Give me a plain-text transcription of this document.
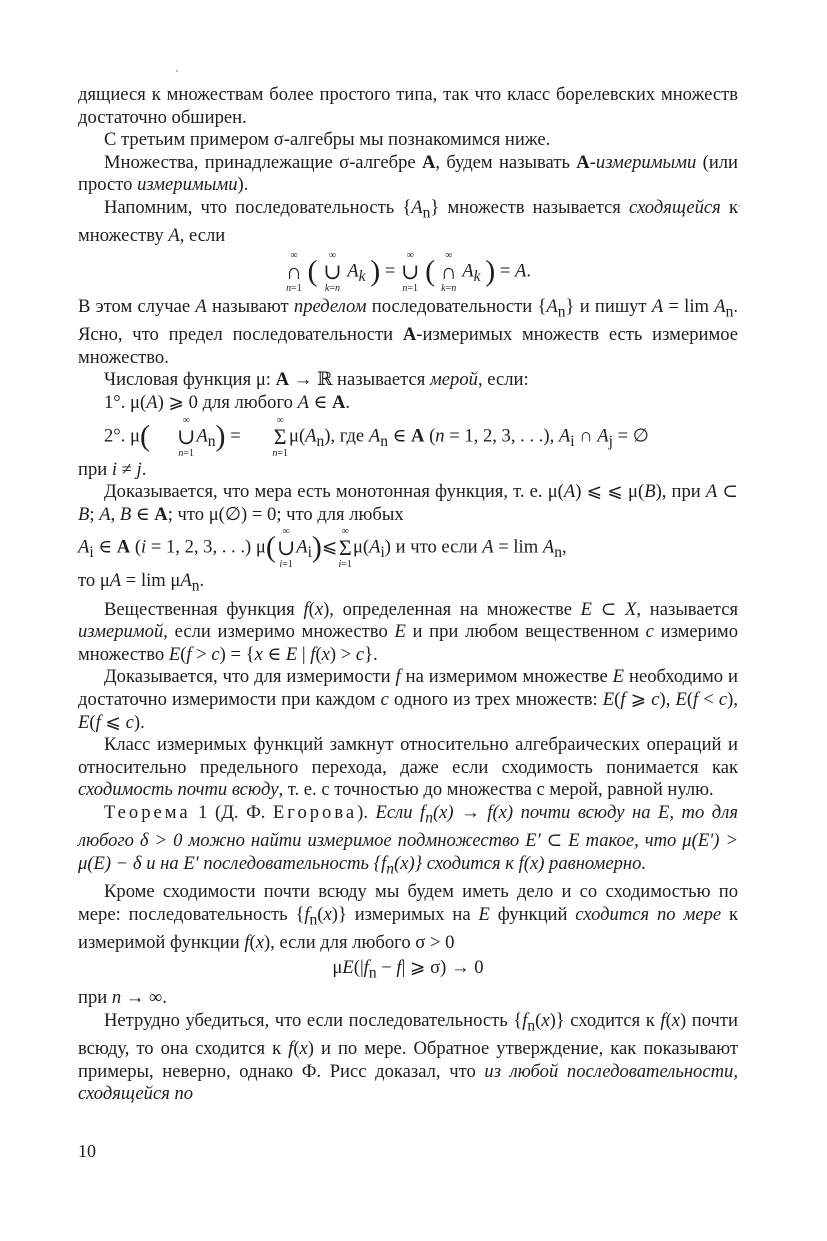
дящиеся к множествам более простого типа, так что класс борелевских множеств достаточно обширен.

С третьим примером σ-алгебры мы познакомимся ниже.

Множества, принадлежащие σ-алгебре A, будем называть A-измеримыми (или просто измеримыми).

Напомним, что последовательность $\{A_n\}$ множеств называется сходящейся к множеству A, если

∞
∩
n=1
(	∞
∪
k=n
$A_k$ ) =
∞
∪
n=1
(	∞
∩
k=n
$A_k$ ) = A.

В этом случае A называют пределом последовательности $\{A_n\}$ и пишут $A = \lim A_n$. Ясно, что предел последовательности A-измеримых множеств есть измеримое множество.

Числовая функция μ: A → ℝ называется мерой, если:

1°. μ(A) ⩾ 0 для любого A ∈ A.

2°. μ(	∞
∪
n=1
$A_n$) =
∞
Σ
n=1
$\mu(A_n)$, где $A_n$ ∈ A (n = 1, 2, 3, . . .), $A_i$ ∩ $A_j$ = ∅

при i ≠ j.

Доказывается, что мера есть монотонная функция, т. е. μ(A) ⩽ ⩽ μ(B), при A ⊂ B; A, B ∈ A; что μ(∅) = 0; что для любых

$A_i$ ∈ A (i = 1, 2, 3, . . .) μ( ∞
∪
i=1
$A_i)⩽$
∞
Σ
i=1
$\mu(A_i)$ и что если $A = \lim A_n$,

то $\mu A = \lim \mu A_n$.

Вещественная функция f(x), определенная на множестве E ⊂ X, называется измеримой, если измеримо множество E и при любом вещественном c измеримо множество E(f > c) = {x ∈ E | f(x) > c}.

Доказывается, что для измеримости f на измеримом множестве E необходимо и достаточно измеримости при каждом c одного из трех множеств: E(f ⩾ c), E(f < c), E(f ⩽ c).

Класс измеримых функций замкнут относительно алгебраических операций и относительно предельного перехода, даже если сходимость понимается как сходимость почти всюду, т. е. с точностью до множества с мерой, равной нулю.

Теорема 1 (Д. Ф. Егорова). Если $f_n(x) \to f(x)$ почти всюду на E, то для любого δ > 0 можно найти измеримое подмножество E′ ⊂ E такое, что μ(E′) > μ(E) − δ и на E′ последовательность $\{f_n(x)\}$ сходится к f(x) равномерно.

Кроме сходимости почти всюду мы будем иметь дело и со сходимостью по мере: последовательность $\{f_n(x)\}$ измеримых на E функций сходится по мере к измеримой функции f(x), если для любого σ > 0

$\mu E(|f_n - f|$ ⩾ σ) → 0

при n → ∞.

Нетрудно убедиться, что если последовательность $\{f_n(x)\}$ сходится к f(x) почти всюду, то она сходится к f(x) и по мере. Обратное утверждение, как показывают примеры, неверно, однако Ф. Рисс доказал, что из любой последовательности, сходящейся по

10
